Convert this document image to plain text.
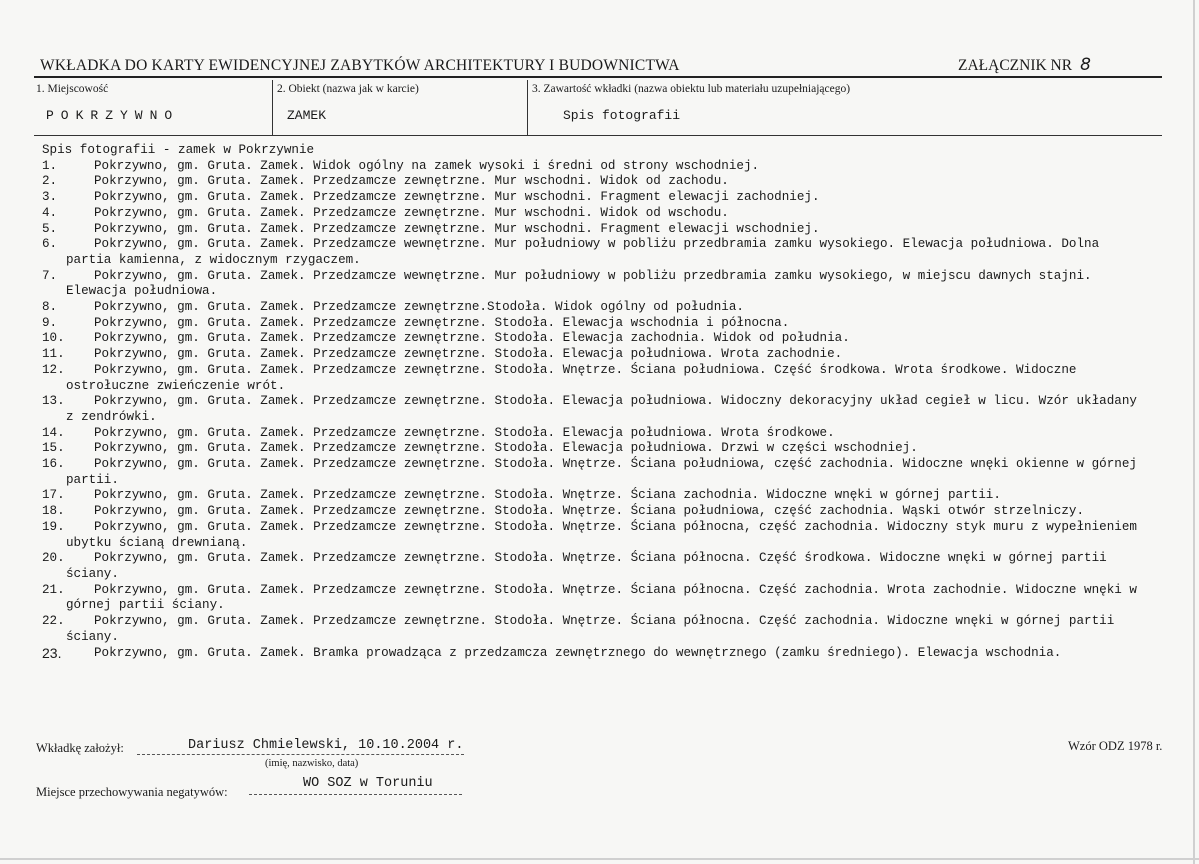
WKŁADKA DO KARTY EWIDENCYJNEJ ZABYTKÓW ARCHITEKTURY I BUDOWNICTWA	ZAŁĄCZNIK NR 8
1. Miejscowość
POKRZYWNO
2. Obiekt (nazwa jak w karcie)
ZAMEK
3. Zawartość wkładki (nazwa obiektu lub materiału uzupełniającego)
Spis fotografii
Spis fotografii - zamek w Pokrzywnie
1.	Pokrzywno, gm. Gruta. Zamek. Widok ogólny na zamek wysoki i średni od strony wschodniej.
2.	Pokrzywno, gm. Gruta. Zamek. Przedzamcze zewnętrzne. Mur wschodni. Widok od zachodu.
3.	Pokrzywno, gm. Gruta. Zamek. Przedzamcze zewnętrzne. Mur wschodni. Fragment elewacji zachodniej.
4.	Pokrzywno, gm. Gruta. Zamek. Przedzamcze zewnętrzne. Mur wschodni. Widok od wschodu.
5.	Pokrzywno, gm. Gruta. Zamek. Przedzamcze zewnętrzne. Mur wschodni. Fragment elewacji wschodniej.
6.	Pokrzywno, gm. Gruta. Zamek. Przedzamcze wewnętrzne. Mur południowy w pobliżu przedbramia zamku wysokiego. Elewacja południowa. Dolna partia kamienna, z widocznym rzygaczem.
7.	Pokrzywno, gm. Gruta. Zamek. Przedzamcze wewnętrzne. Mur południowy w pobliżu przedbramia zamku wysokiego, w miejscu dawnych stajni. Elewacja południowa.
8.	Pokrzywno, gm. Gruta. Zamek. Przedzamcze zewnętrzne.Stodoła. Widok ogólny od południa.
9.	Pokrzywno, gm. Gruta. Zamek. Przedzamcze zewnętrzne. Stodoła. Elewacja wschodnia i północna.
10.	Pokrzywno, gm. Gruta. Zamek. Przedzamcze zewnętrzne. Stodoła. Elewacja zachodnia. Widok od południa.
11.	Pokrzywno, gm. Gruta. Zamek. Przedzamcze zewnętrzne. Stodoła. Elewacja południowa. Wrota zachodnie.
12.	Pokrzywno, gm. Gruta. Zamek. Przedzamcze zewnętrzne. Stodoła. Wnętrze. Ściana południowa. Część środkowa. Wrota środkowe. Widoczne ostrołuczne zwieńczenie wrót.
13.	Pokrzywno, gm. Gruta. Zamek. Przedzamcze zewnętrzne. Stodoła. Elewacja południowa. Widoczny dekoracyjny układ cegieł w licu. Wzór układany z zendrówki.
14.	Pokrzywno, gm. Gruta. Zamek. Przedzamcze zewnętrzne. Stodoła. Elewacja południowa. Wrota środkowe.
15.	Pokrzywno, gm. Gruta. Zamek. Przedzamcze zewnętrzne. Stodoła. Elewacja południowa. Drzwi w części wschodniej.
16.	Pokrzywno, gm. Gruta. Zamek. Przedzamcze zewnętrzne. Stodoła. Wnętrze. Ściana południowa, część zachodnia. Widoczne wnęki okienne w górnej partii.
17.	Pokrzywno, gm. Gruta. Zamek. Przedzamcze zewnętrzne. Stodoła. Wnętrze. Ściana zachodnia. Widoczne wnęki w górnej partii.
18.	Pokrzywno, gm. Gruta. Zamek. Przedzamcze zewnętrzne. Stodoła. Wnętrze. Ściana południowa, część zachodnia. Wąski otwór strzelniczy.
19.	Pokrzywno, gm. Gruta. Zamek. Przedzamcze zewnętrzne. Stodoła. Wnętrze. Ściana północna, część zachodnia. Widoczny styk muru z wypełnieniem ubytku ścianą drewnianą.
20.	Pokrzywno, gm. Gruta. Zamek. Przedzamcze zewnętrzne. Stodoła. Wnętrze. Ściana północna. Część środkowa. Widoczne wnęki w górnej partii ściany.
21.	Pokrzywno, gm. Gruta. Zamek. Przedzamcze zewnętrzne. Stodoła. Wnętrze. Ściana północna. Część zachodnia. Wrota zachodnie. Widoczne wnęki w górnej partii ściany.
22.	Pokrzywno, gm. Gruta. Zamek. Przedzamcze zewnętrzne. Stodoła. Wnętrze. Ściana północna. Część zachodnia. Widoczne wnęki w górnej partii ściany.
23.	Pokrzywno, gm. Gruta. Zamek. Bramka prowadząca z przedzamcza zewnętrznego do wewnętrznego (zamku średniego). Elewacja wschodnia.
Wkładkę założył:	Dariusz Chmielewski, 10.10.2004 r.
(imię, nazwisko, data)
Miejsce przechowywania negatywów:
WO SOZ w Toruniu
Wzór ODZ 1978 r.
